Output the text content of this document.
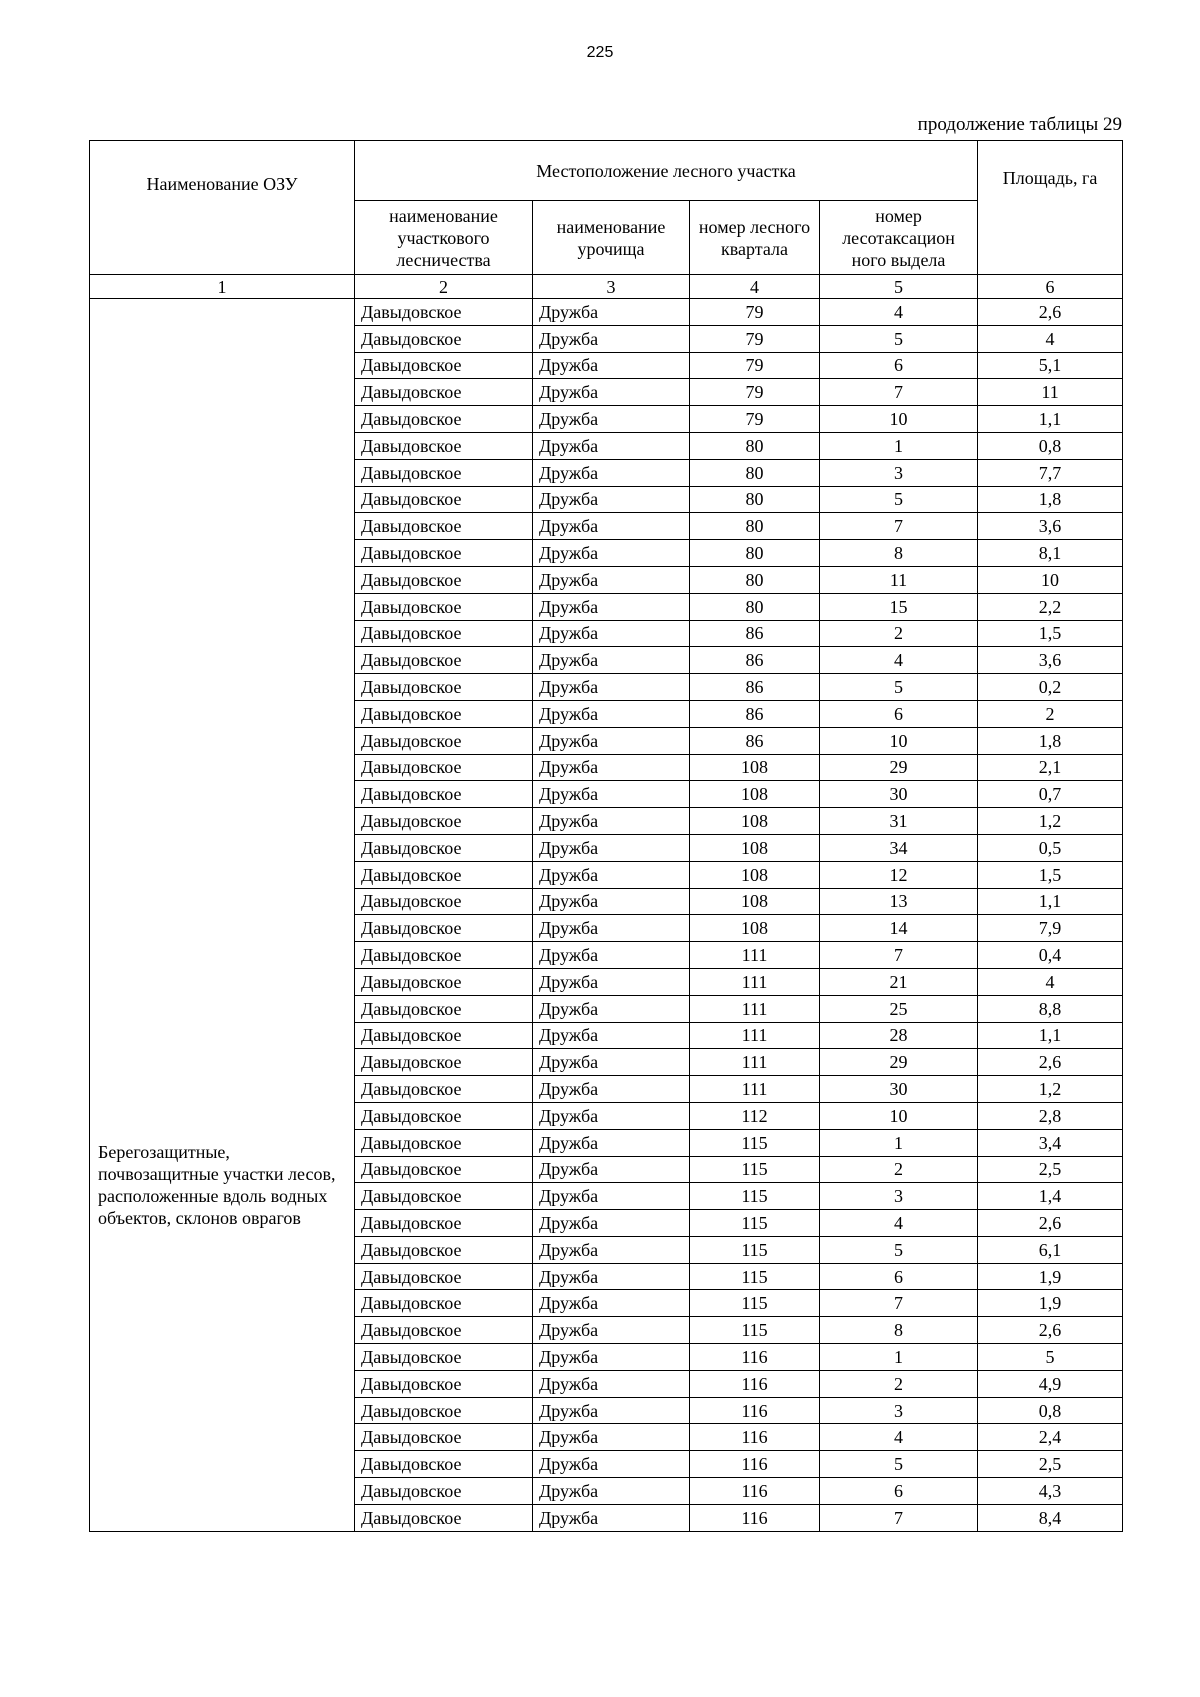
225
продолжение таблицы 29
Наименование ОЗУ	Местоположение лесного участка				Площадь, га
	наименование участкового лесничества	наименование урочища	номер лесного квартала	номер лесотаксацион ного выдела	
1	2	3	4	5	6
Берегозащитные, почвозащитные участки лесов, расположенные вдоль водных объектов, склонов оврагов	Давыдовское	Дружба	79	4	2,6
	Давыдовское	Дружба	79	5	4
	Давыдовское	Дружба	79	6	5,1
	Давыдовское	Дружба	79	7	11
	Давыдовское	Дружба	79	10	1,1
	Давыдовское	Дружба	80	1	0,8
	Давыдовское	Дружба	80	3	7,7
	Давыдовское	Дружба	80	5	1,8
	Давыдовское	Дружба	80	7	3,6
	Давыдовское	Дружба	80	8	8,1
	Давыдовское	Дружба	80	11	10
	Давыдовское	Дружба	80	15	2,2
	Давыдовское	Дружба	86	2	1,5
	Давыдовское	Дружба	86	4	3,6
	Давыдовское	Дружба	86	5	0,2
	Давыдовское	Дружба	86	6	2
	Давыдовское	Дружба	86	10	1,8
	Давыдовское	Дружба	108	29	2,1
	Давыдовское	Дружба	108	30	0,7
	Давыдовское	Дружба	108	31	1,2
	Давыдовское	Дружба	108	34	0,5
	Давыдовское	Дружба	108	12	1,5
	Давыдовское	Дружба	108	13	1,1
	Давыдовское	Дружба	108	14	7,9
	Давыдовское	Дружба	111	7	0,4
	Давыдовское	Дружба	111	21	4
	Давыдовское	Дружба	111	25	8,8
	Давыдовское	Дружба	111	28	1,1
	Давыдовское	Дружба	111	29	2,6
	Давыдовское	Дружба	111	30	1,2
	Давыдовское	Дружба	112	10	2,8
	Давыдовское	Дружба	115	1	3,4
	Давыдовское	Дружба	115	2	2,5
	Давыдовское	Дружба	115	3	1,4
	Давыдовское	Дружба	115	4	2,6
	Давыдовское	Дружба	115	5	6,1
	Давыдовское	Дружба	115	6	1,9
	Давыдовское	Дружба	115	7	1,9
	Давыдовское	Дружба	115	8	2,6
	Давыдовское	Дружба	116	1	5
	Давыдовское	Дружба	116	2	4,9
	Давыдовское	Дружба	116	3	0,8
	Давыдовское	Дружба	116	4	2,4
	Давыдовское	Дружба	116	5	2,5
	Давыдовское	Дружба	116	6	4,3
	Давыдовское	Дружба	116	7	8,4
